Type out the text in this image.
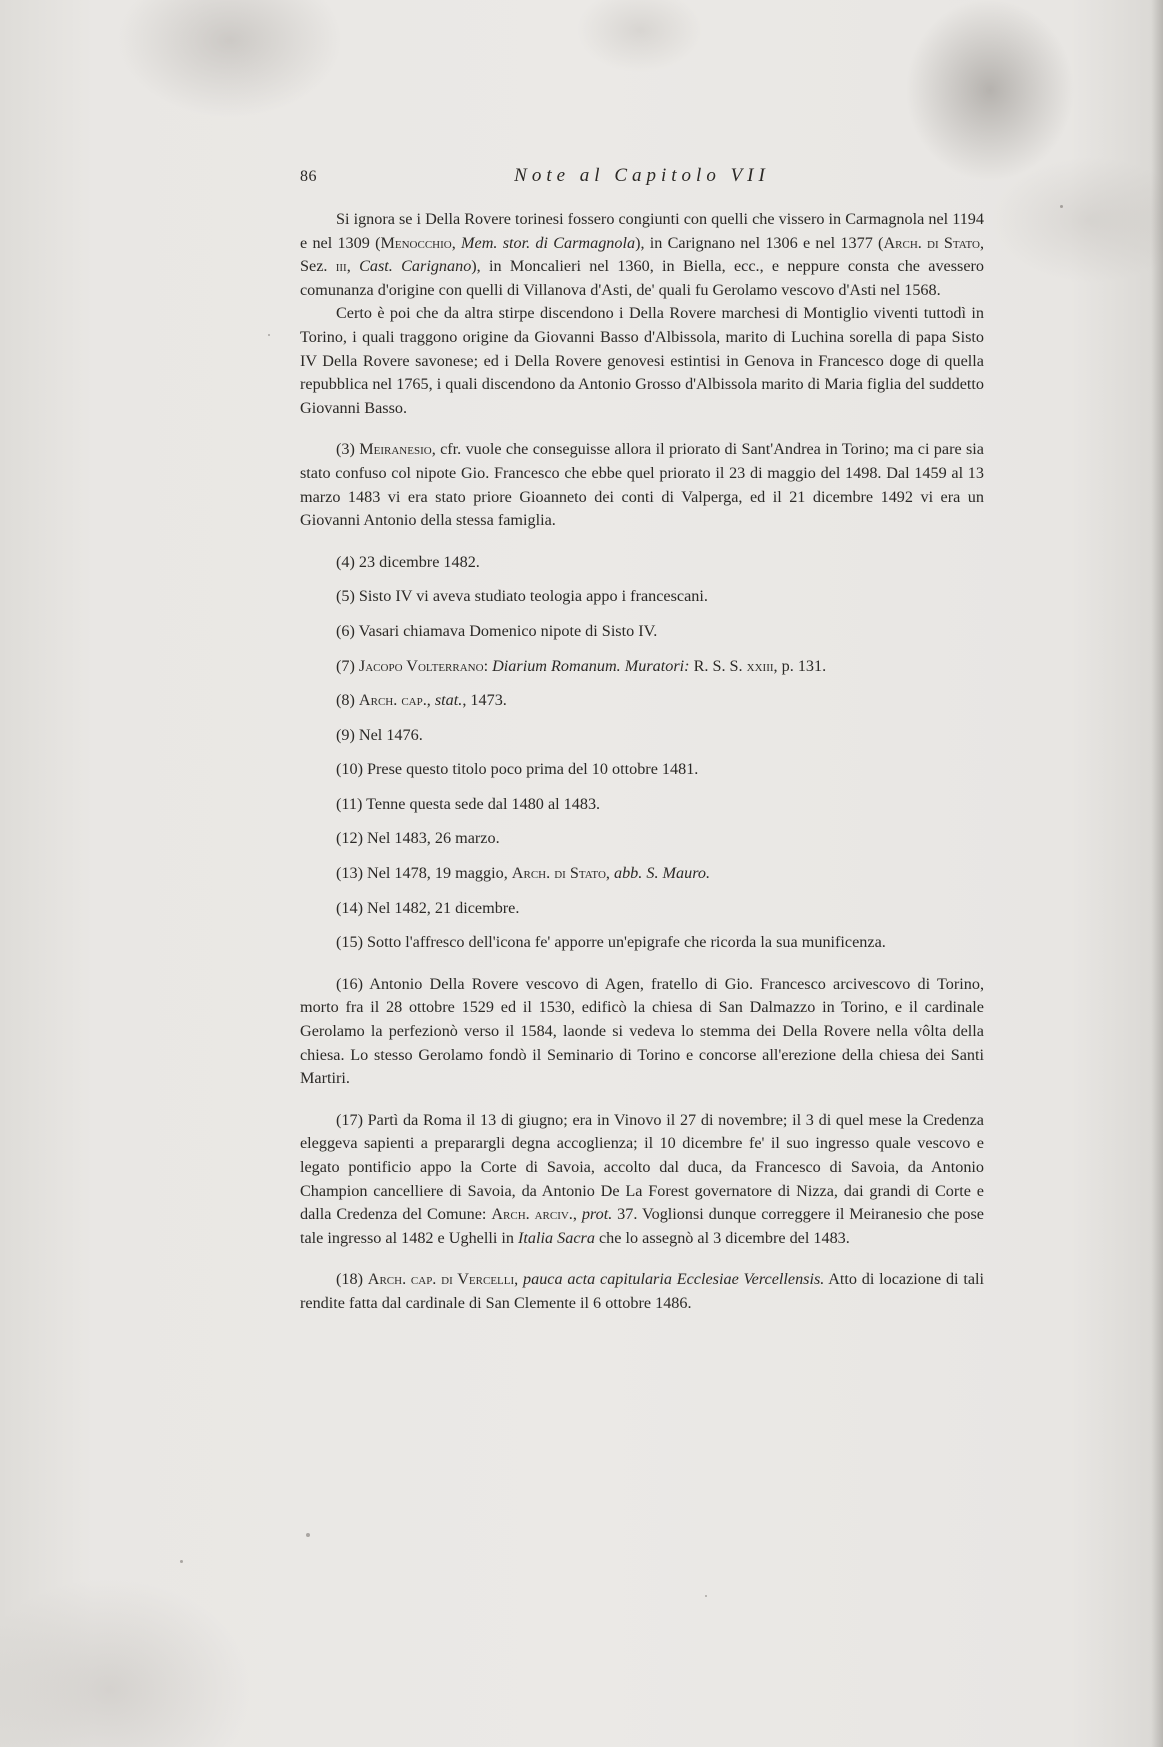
86	Note al Capitolo VII

Si ignora se i Della Rovere torinesi fossero congiunti con quelli che vissero in Carmagnola nel 1194 e nel 1309 (Menocchio, Mem. stor. di Carmagnola), in Carignano nel 1306 e nel 1377 (Arch. di Stato, Sez. iii, Cast. Carignano), in Moncalieri nel 1360, in Biella, ecc., e neppure consta che avessero comunanza d'origine con quelli di Villanova d'Asti, de' quali fu Gerolamo vescovo d'Asti nel 1568.

Certo è poi che da altra stirpe discendono i Della Rovere marchesi di Montiglio viventi tuttodì in Torino, i quali traggono origine da Giovanni Basso d'Albissola, marito di Luchina sorella di papa Sisto IV Della Rovere savonese; ed i Della Rovere genovesi estintisi in Genova in Francesco doge di quella repubblica nel 1765, i quali discendono da Antonio Grosso d'Albissola marito di Maria figlia del suddetto Giovanni Basso.

(3) Meiranesio, cfr. vuole che conseguisse allora il priorato di Sant'Andrea in Torino; ma ci pare sia stato confuso col nipote Gio. Francesco che ebbe quel priorato il 23 di maggio del 1498. Dal 1459 al 13 marzo 1483 vi era stato priore Gioanneto dei conti di Valperga, ed il 21 dicembre 1492 vi era un Giovanni Antonio della stessa famiglia.

(4) 23 dicembre 1482.

(5) Sisto IV vi aveva studiato teologia appo i francescani.

(6) Vasari chiamava Domenico nipote di Sisto IV.

(7) Jacopo Volterrano: Diarium Romanum. Muratori: R. S. S. xxiii, p. 131.

(8) Arch. cap., stat., 1473.

(9) Nel 1476.

(10) Prese questo titolo poco prima del 10 ottobre 1481.

(11) Tenne questa sede dal 1480 al 1483.

(12) Nel 1483, 26 marzo.

(13) Nel 1478, 19 maggio, Arch. di Stato, abb. S. Mauro.

(14) Nel 1482, 21 dicembre.

(15) Sotto l'affresco dell'icona fe' apporre un'epigrafe che ricorda la sua munificenza.

(16) Antonio Della Rovere vescovo di Agen, fratello di Gio. Francesco arcivescovo di Torino, morto fra il 28 ottobre 1529 ed il 1530, edificò la chiesa di San Dalmazzo in Torino, e il cardinale Gerolamo la perfezionò verso il 1584, laonde si vedeva lo stemma dei Della Rovere nella vôlta della chiesa. Lo stesso Gerolamo fondò il Seminario di Torino e concorse all'erezione della chiesa dei Santi Martiri.

(17) Partì da Roma il 13 di giugno; era in Vinovo il 27 di novembre; il 3 di quel mese la Credenza eleggeva sapienti a preparargli degna accoglienza; il 10 dicembre fe' il suo ingresso quale vescovo e legato pontificio appo la Corte di Savoia, accolto dal duca, da Francesco di Savoia, da Antonio Champion cancelliere di Savoia, da Antonio De La Forest governatore di Nizza, dai grandi di Corte e dalla Credenza del Comune: Arch. arciv., prot. 37. Voglionsi dunque correggere il Meiranesio che pose tale ingresso al 1482 e Ughelli in Italia Sacra che lo assegnò al 3 dicembre del 1483.

(18) Arch. cap. di Vercelli, pauca acta capitularia Ecclesiae Vercellensis. Atto di locazione di tali rendite fatta dal cardinale di San Clemente il 6 ottobre 1486.
